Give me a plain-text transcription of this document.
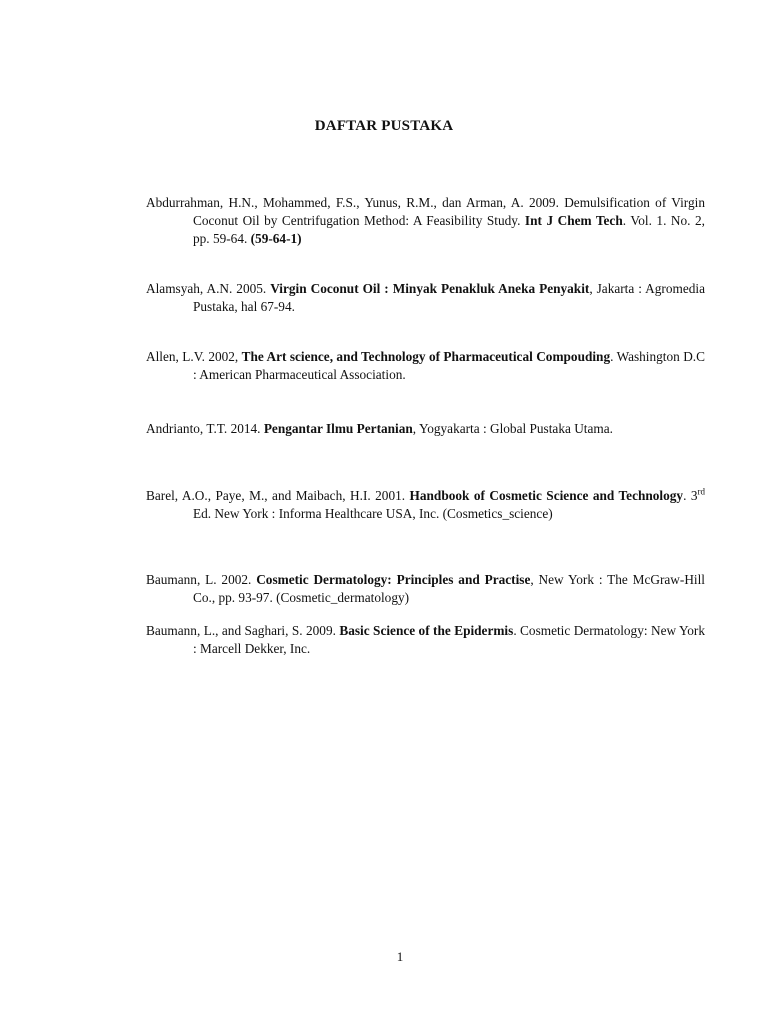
DAFTAR PUSTAKA

Abdurrahman, H.N., Mohammed, F.S., Yunus, R.M., dan Arman, A. 2009. Demulsification of Virgin Coconut Oil by Centrifugation Method: A Feasibility Study. Int J Chem Tech. Vol. 1. No. 2, pp. 59-64. (59-64-1)

Alamsyah, A.N. 2005. Virgin Coconut Oil : Minyak Penakluk Aneka Penyakit, Jakarta : Agromedia Pustaka, hal 67-94.

Allen, L.V. 2002, The Art science, and Technology of Pharmaceutical Compouding. Washington D.C : American Pharmaceutical Association.

Andrianto, T.T. 2014. Pengantar Ilmu Pertanian, Yogyakarta : Global Pustaka Utama.

Barel, A.O., Paye, M., and Maibach, H.I. 2001. Handbook of Cosmetic Science and Technology. 3rd Ed. New York : Informa Healthcare USA, Inc. (Cosmetics_science)

Baumann, L. 2002. Cosmetic Dermatology: Principles and Practise, New York : The McGraw-Hill Co., pp. 93-97. (Cosmetic_dermatology)

Baumann, L., and Saghari, S. 2009. Basic Science of the Epidermis. Cosmetic Dermatology: New York : Marcell Dekker, Inc.

1
